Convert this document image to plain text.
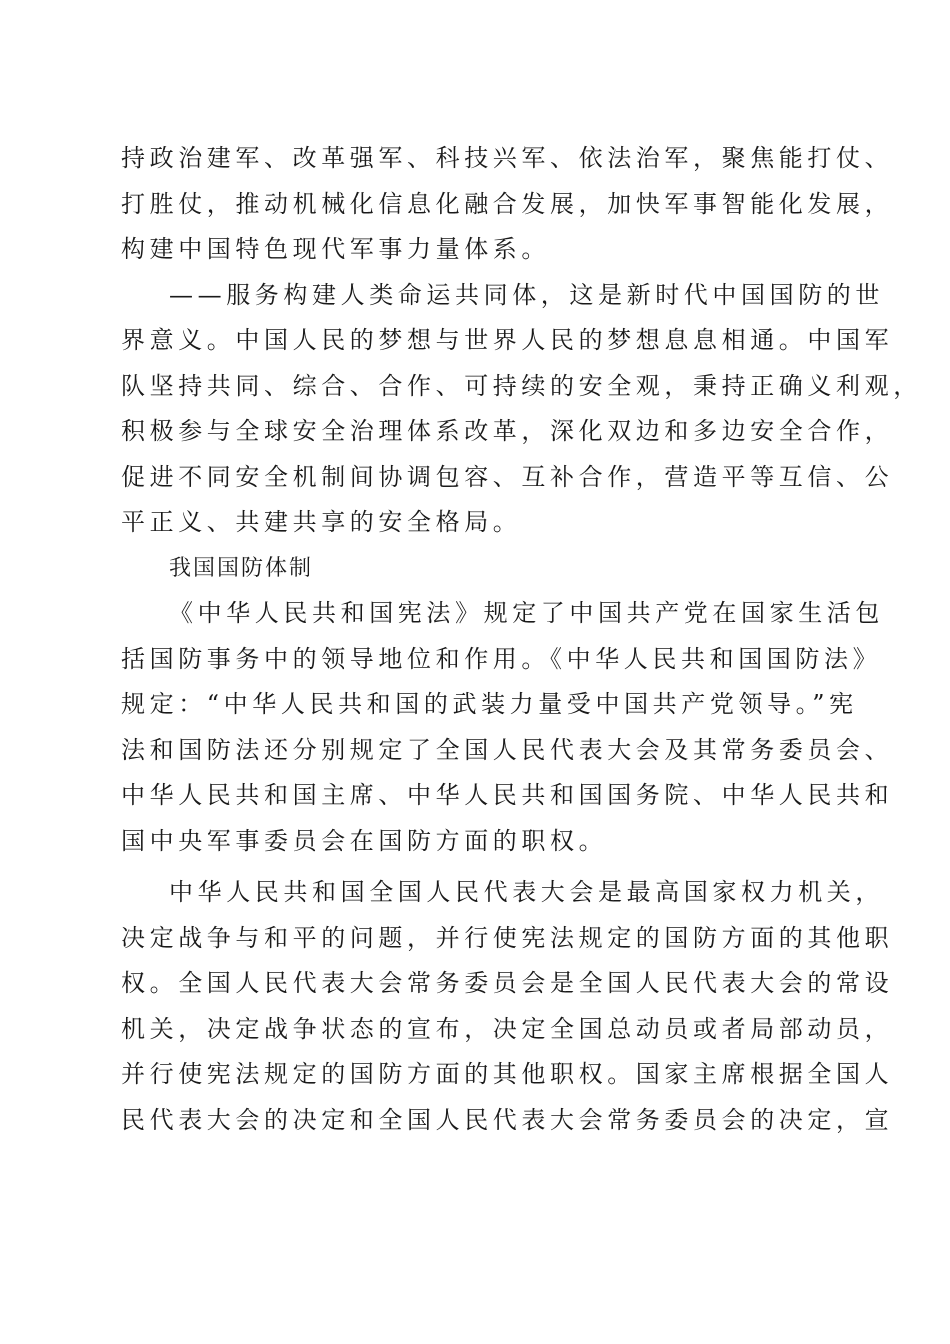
持政治建军、改革强军、科技兴军、依法治军，聚焦能打仗、
打胜仗，推动机械化信息化融合发展，加快军事智能化发展，
构建中国特色现代军事力量体系。
——服务构建人类命运共同体，这是新时代中国国防的世
界意义。中国人民的梦想与世界人民的梦想息息相通。中国军
队坚持共同、综合、合作、可持续的安全观，秉持正确义利观，
积极参与全球安全治理体系改革，深化双边和多边安全合作，
促进不同安全机制间协调包容、互补合作，营造平等互信、公
平正义、共建共享的安全格局。
我国国防体制
《中华人民共和国宪法》规定了中国共产党在国家生活包
括国防事务中的领导地位和作用。《中华人民共和国国防法》
规定：“中华人民共和国的武装力量受中国共产党领导。”宪
法和国防法还分别规定了全国人民代表大会及其常务委员会、
中华人民共和国主席、中华人民共和国国务院、中华人民共和
国中央军事委员会在国防方面的职权。
中华人民共和国全国人民代表大会是最高国家权力机关，
决定战争与和平的问题，并行使宪法规定的国防方面的其他职
权。全国人民代表大会常务委员会是全国人民代表大会的常设
机关，决定战争状态的宣布，决定全国总动员或者局部动员，
并行使宪法规定的国防方面的其他职权。国家主席根据全国人
民代表大会的决定和全国人民代表大会常务委员会的决定，宣
